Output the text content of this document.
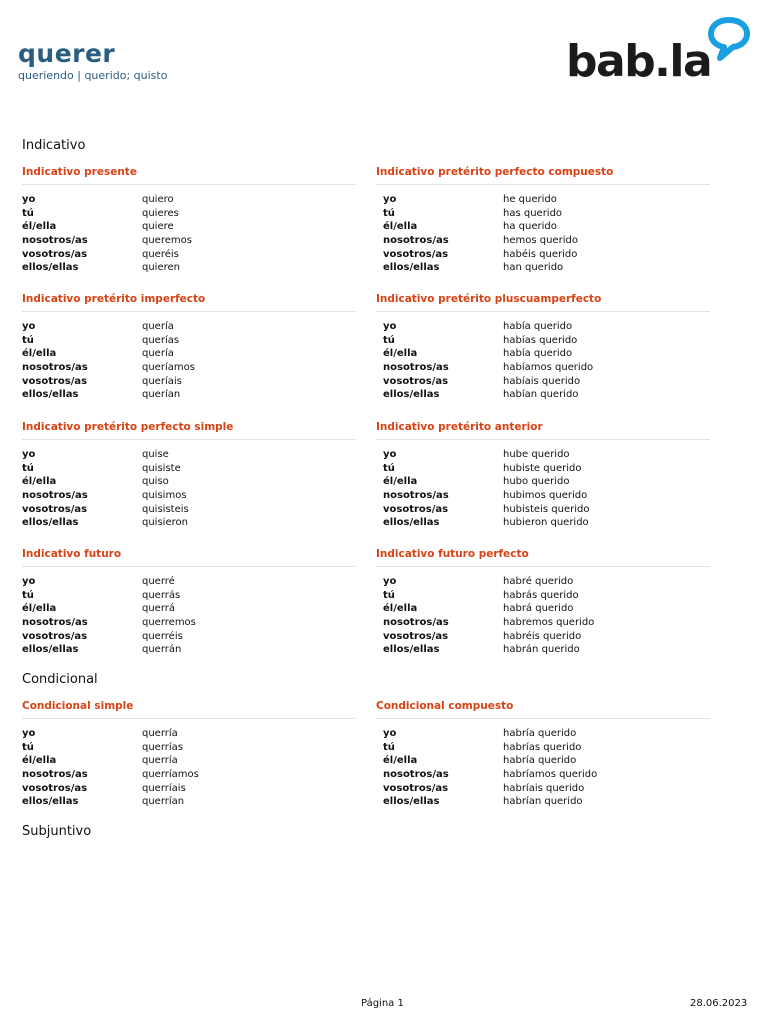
querer
queriendo | querido; quisto	bab.la
Indicativo
Condicional
Subjuntivo
Indicativo presente
yo	quiero
tú	quieres
él/ella	quiere
nosotros/as	queremos
vosotros/as	queréis
ellos/ellas	quieren
Indicativo pretérito perfecto compuesto
yo	he querido
tú	has querido
él/ella	ha querido
nosotros/as	hemos querido
vosotros/as	habéis querido
ellos/ellas	han querido
Indicativo pretérito imperfecto
yo	quería
tú	querías
él/ella	quería
nosotros/as	queríamos
vosotros/as	queríais
ellos/ellas	querían
Indicativo pretérito pluscuamperfecto
yo	había querido
tú	habías querido
él/ella	había querido
nosotros/as	habíamos querido
vosotros/as	habíais querido
ellos/ellas	habían querido
Indicativo pretérito perfecto simple
yo	quise
tú	quisiste
él/ella	quiso
nosotros/as	quisimos
vosotros/as	quisisteis
ellos/ellas	quisieron
Indicativo pretérito anterior
yo	hube querido
tú	hubiste querido
él/ella	hubo querido
nosotros/as	hubimos querido
vosotros/as	hubisteis querido
ellos/ellas	hubieron querido
Indicativo futuro
yo	querré
tú	querrás
él/ella	querrá
nosotros/as	querremos
vosotros/as	querréis
ellos/ellas	querrán
Indicativo futuro perfecto
yo	habré querido
tú	habrás querido
él/ella	habrá querido
nosotros/as	habremos querido
vosotros/as	habréis querido
ellos/ellas	habrán querido
Condicional simple
yo	querría
tú	querrías
él/ella	querría
nosotros/as	querríamos
vosotros/as	querríais
ellos/ellas	querrían
Condicional compuesto
yo	habría querido
tú	habrías querido
él/ella	habría querido
nosotros/as	habríamos querido
vosotros/as	habríais querido
ellos/ellas	habrían querido
Página 1	28.06.2023
